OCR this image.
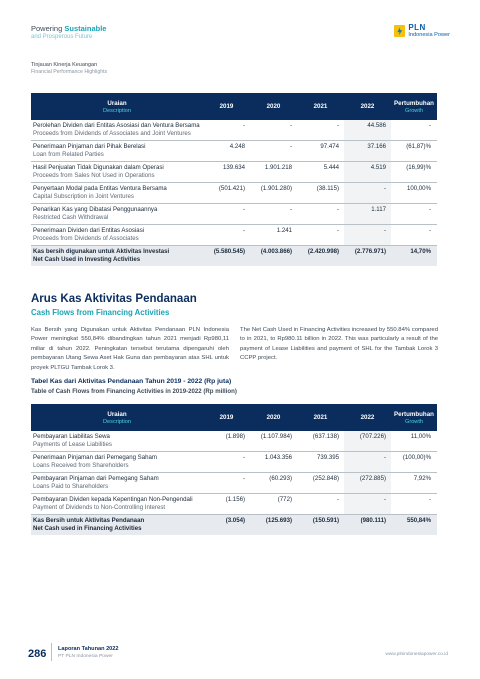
Powering Sustainable
and Prosperous Future
PLN
Indonesia Power
Tinjauan Kinerja Keuangan
Financial Performance Highlights
Uraian
Description	2019	2020	2021	2022	Pertumbuhan
Growth

Perolehan Dividen dari Entitas Asosiasi dan Ventura Bersama
Proceeds from Dividends of Associates and Joint Ventures	-	-	-	44.586	-
Penerimaan Pinjaman dari Pihak Berelasi
Loan from Related Parties	4.248	-	97.474	37.166	(61,87)%
Hasil Penjualan Tidak Digunakan dalam Operasi
Proceeds from Sales Not Used in Operations	139.634	1.901.218	5.444	4.519	(16,99)%
Penyertaan Modal pada Entitas Ventura Bersama
Capital Subscription in Joint Ventures	(501.421)	(1.901.280)	(38.115)	-	100,00%
Penarikan Kas yang Dibatasi Penggunaannya
Restricted Cash Withdrawal	-	-	-	1.117	-
Penerimaan Dividen dari Entitas Asosiasi
Proceeds from Dividends of Associates	-	1.241	-	-	-
Kas bersih digunakan untuk Aktivitas Investasi
Net Cash Used in Investing Activities	(5.580.545)	(4.003.866)	(2.420.998)	(2.776.971)	14,70%
Arus Kas Aktivitas Pendanaan
Cash Flows from Financing Activities
Kas Bersih yang Digunakan untuk Aktivitas Pendanaan PLN Indonesia Power meningkat 550,84% dibandingkan tahun 2021 menjadi Rp980,11 miliar di tahun 2022. Peningkatan tersebut terutama dipengaruhi oleh pembayaran Utang Sewa Aset Hak Guna dan pembayaran atas SHL untuk proyek PLTGU Tambak Lorok 3.
The Net Cash Used in Financing Activities increased by 550.84% compared to in 2021, to Rp980.11 billion in 2022. This was particularly a result of the payment of Lease Liabilities and payment of SHL for the Tambak Lorok 3 CCPP project.
Tabel Kas dari Aktivitas Pendanaan Tahun 2019 - 2022 (Rp juta)
Table of Cash Flows from Financing Activities in 2019-2022 (Rp million)
Uraian
Description	2019	2020	2021	2022	Pertumbuhan
Growth

Pembayaran Liabilitas Sewa
Payments of Lease Liabilities	(1.898)	(1.107.984)	(637.138)	(707.226)	11,00%
Penerimaan Pinjaman dari Pemegang Saham
Loans Received from Shareholders	-	1.043.356	739.395	-	(100,00)%
Pembayaran Pinjaman dari Pemegang Saham
Loans Paid to Shareholders	-	(60.293)	(252.848)	(272.885)	7,92%
Pembayaran Dividen kepada Kepentingan Non-Pengendali
Payment of Dividends to Non-Controlling Interest	(1.156)	(772)	-	-	-
Kas Bersih untuk Aktivitas Pendanaan
Net Cash used in Financing Activities	(3.054)	(125.693)	(150.591)	(980.111)	550,84%
286 Laporan Tahunan 2022
PT PLN Indonesia Power	www.plnindonesiapower.co.id
